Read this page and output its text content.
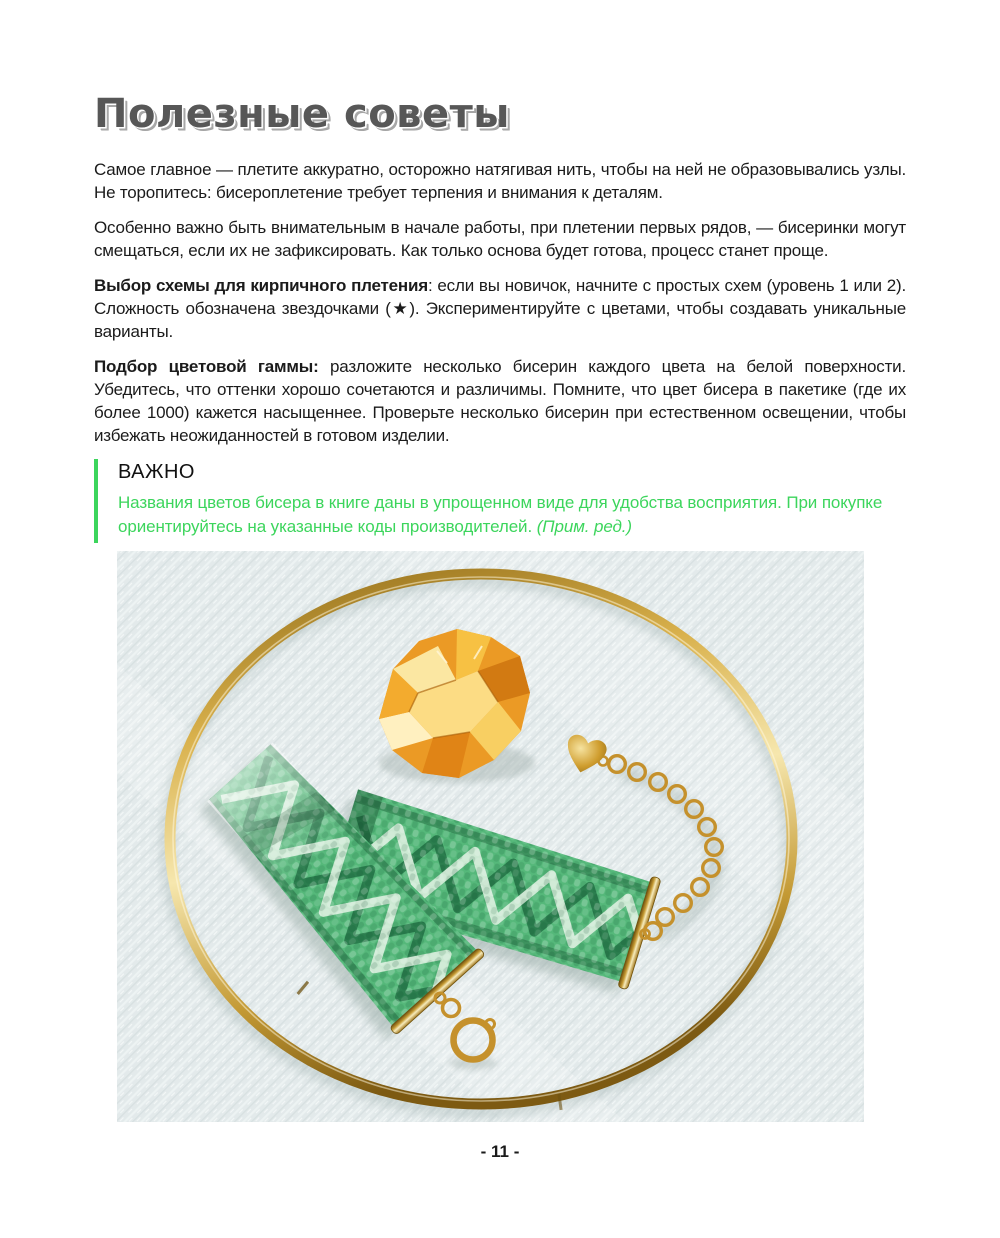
Полезные советы

Самое главное — плетите аккуратно, осторожно натягивая нить, чтобы на ней не образовывались узлы. Не торопитесь: бисероплетение требует терпения и внимания к деталям.

Особенно важно быть внимательным в начале работы, при плетении первых рядов, — бисеринки могут смещаться, если их не зафиксировать. Как только основа будет готова, процесс станет проще.

Выбор схемы для кирпичного плетения: если вы новичок, начните с простых схем (уровень 1 или 2). Сложность обозначена звездочками (★). Экспериментируйте с цветами, чтобы создавать уникальные варианты.

Подбор цветовой гаммы: разложите несколько бисерин каждого цвета на белой поверхности. Убедитесь, что оттенки хорошо сочетаются и различимы. Помните, что цвет бисера в пакетике (где их более 1000) кажется насыщеннее. Проверьте несколько бисерин при естественном освещении, чтобы избежать неожиданностей в готовом изделии.

ВАЖНО

Названия цветов бисера в книге даны в упрощенном виде для удобства восприятия. При покупке ориентируйтесь на указанные коды производителей. (Прим. ред.)

- 11 -
